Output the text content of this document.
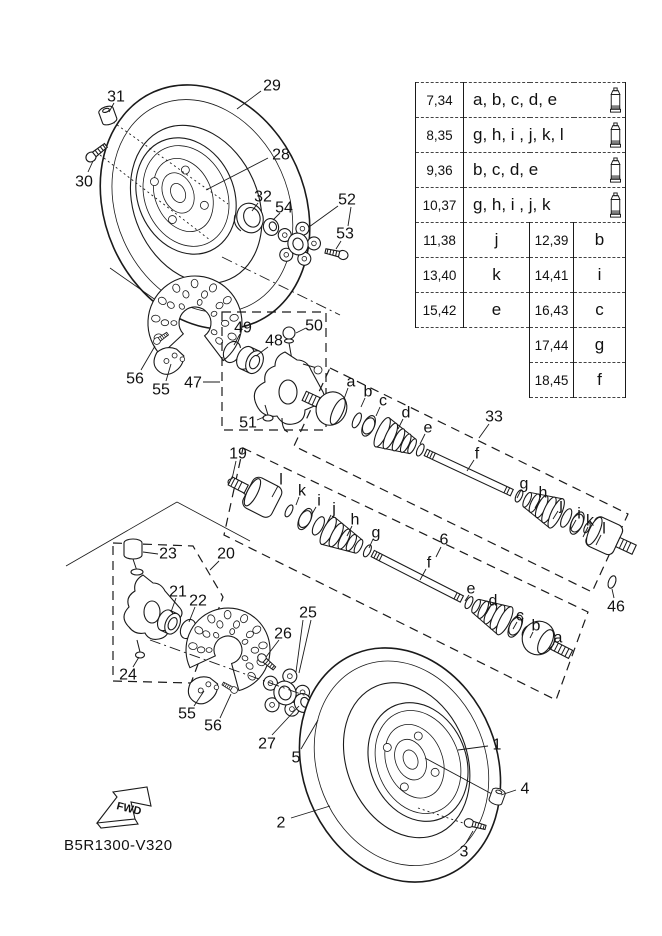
FWD
B5R1300-V320
31
30
29
28
32
54	52
53
49
48
50
47
56
55
51	33
19
20
23
21
22
24
55
56
25
26
27
5
6
46
1
2
3
4
a
b
c
d
e
f
g
h
j
i k l
l
k
i j
h
g
f
e
d
c
b
a
7,34	a, b, c, d, e		

8,35	g, h, i , j, k, l		

9,36	b, c, d, e		

10,37	g, h, i , j, k		

11,38	j	12,39	b
13,40	k	14,41	i
15,42	e	16,43	c
		17,44	g
		18,45	f
